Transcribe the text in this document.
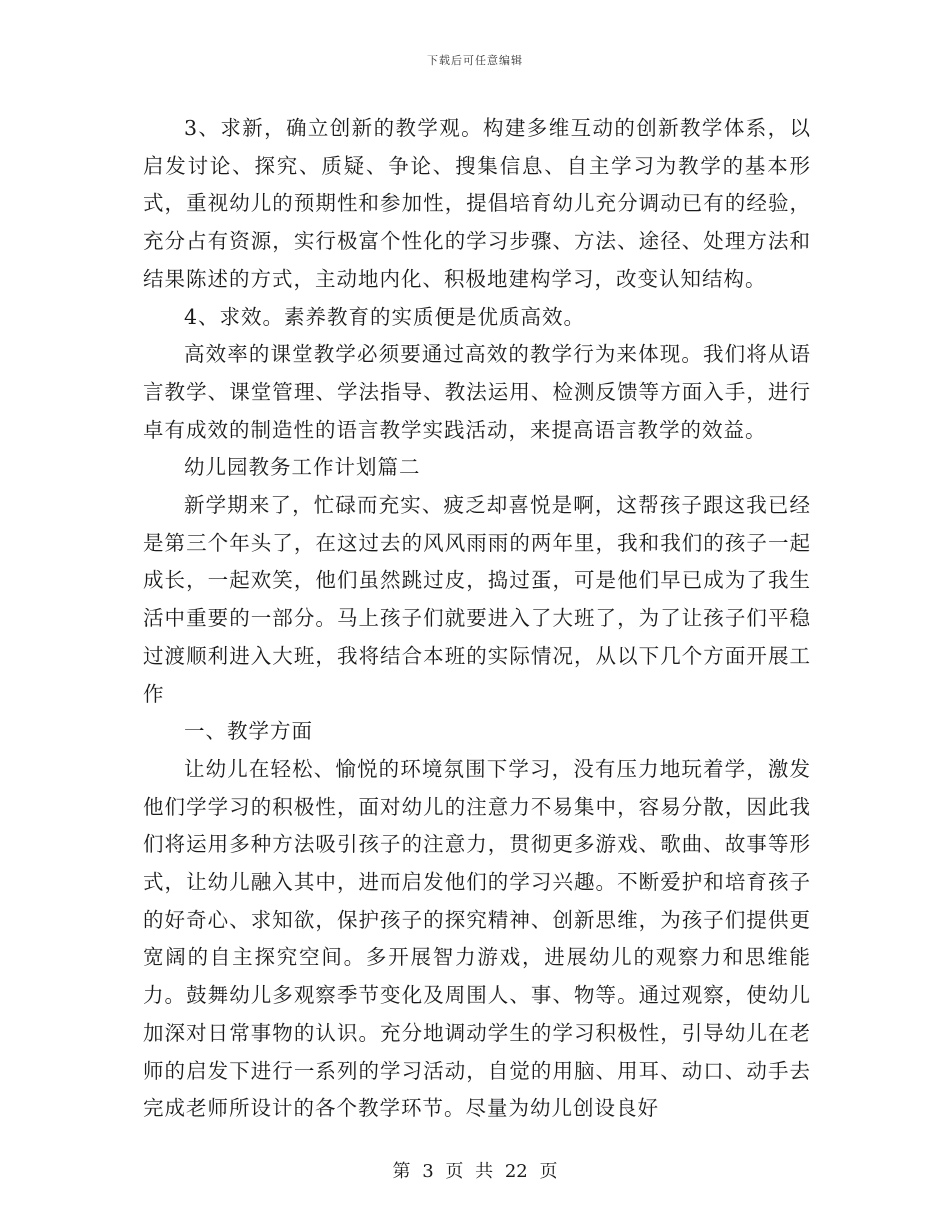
下载后可任意编辑

3、求新，确立创新的教学观。构建多维互动的创新教学体系，以启发讨论、探究、质疑、争论、搜集信息、自主学习为教学的基本形式，重视幼儿的预期性和参加性，提倡培育幼儿充分调动已有的经验，充分占有资源，实行极富个性化的学习步骤、方法、途径、处理方法和结果陈述的方式，主动地内化、积极地建构学习，改变认知结构。

4、求效。素养教育的实质便是优质高效。

高效率的课堂教学必须要通过高效的教学行为来体现。我们将从语言教学、课堂管理、学法指导、教法运用、检测反馈等方面入手，进行卓有成效的制造性的语言教学实践活动，来提高语言教学的效益。

幼儿园教务工作计划篇二

新学期来了，忙碌而充实、疲乏却喜悦是啊，这帮孩子跟这我已经是第三个年头了，在这过去的风风雨雨的两年里，我和我们的孩子一起成长，一起欢笑，他们虽然跳过皮，捣过蛋，可是他们早已成为了我生活中重要的一部分。马上孩子们就要进入了大班了，为了让孩子们平稳过渡顺利进入大班，我将结合本班的实际情况，从以下几个方面开展工作

一、教学方面

让幼儿在轻松、愉悦的环境氛围下学习，没有压力地玩着学，激发他们学学习的积极性，面对幼儿的注意力不易集中，容易分散，因此我们将运用多种方法吸引孩子的注意力，贯彻更多游戏、歌曲、故事等形式，让幼儿融入其中，进而启发他们的学习兴趣。不断爱护和培育孩子的好奇心、求知欲，保护孩子的探究精神、创新思维，为孩子们提供更宽阔的自主探究空间。多开展智力游戏，进展幼儿的观察力和思维能力。鼓舞幼儿多观察季节变化及周围人、事、物等。通过观察，使幼儿加深对日常事物的认识。充分地调动学生的学习积极性，引导幼儿在老师的启发下进行一系列的学习活动，自觉的用脑、用耳、动口、动手去完成老师所设计的各个教学环节。尽量为幼儿创设良好

第 3 页 共 22 页
